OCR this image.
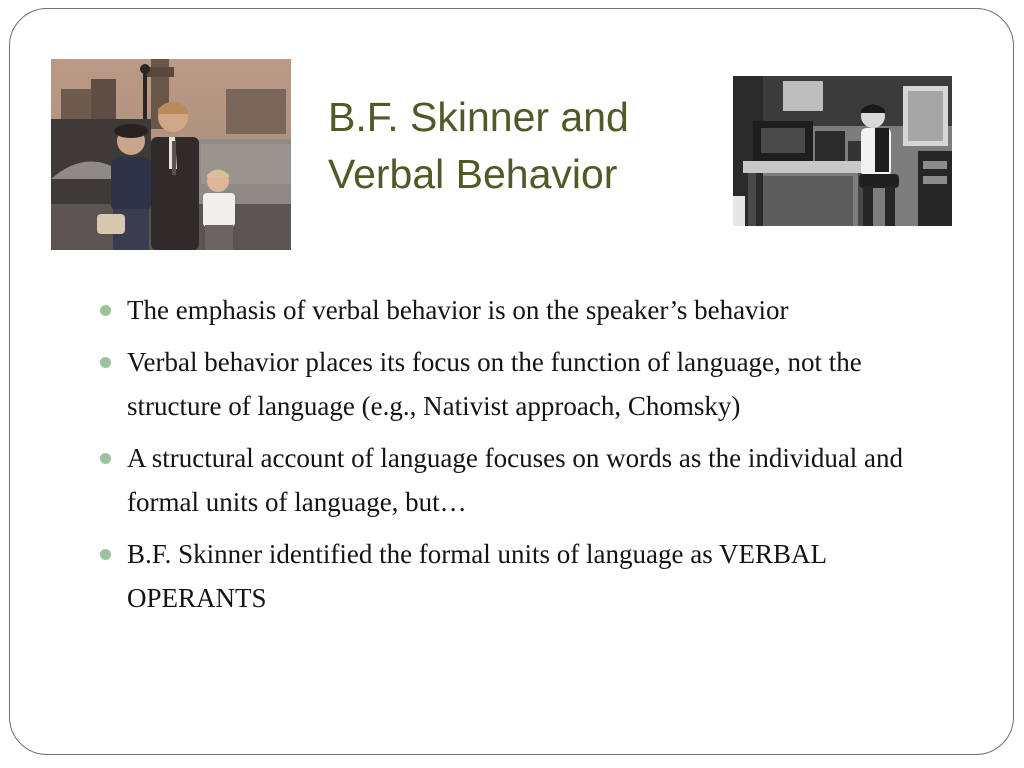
B.F. Skinner and
Verbal Behavior
The emphasis of verbal behavior is on the speaker’s behavior
Verbal behavior places its focus on the function of language, not the structure of language (e.g., Nativist approach, Chomsky)
A structural account of language focuses on words as the individual and formal units of language, but…
B.F. Skinner identified the formal units of language as VERBAL OPERANTS
